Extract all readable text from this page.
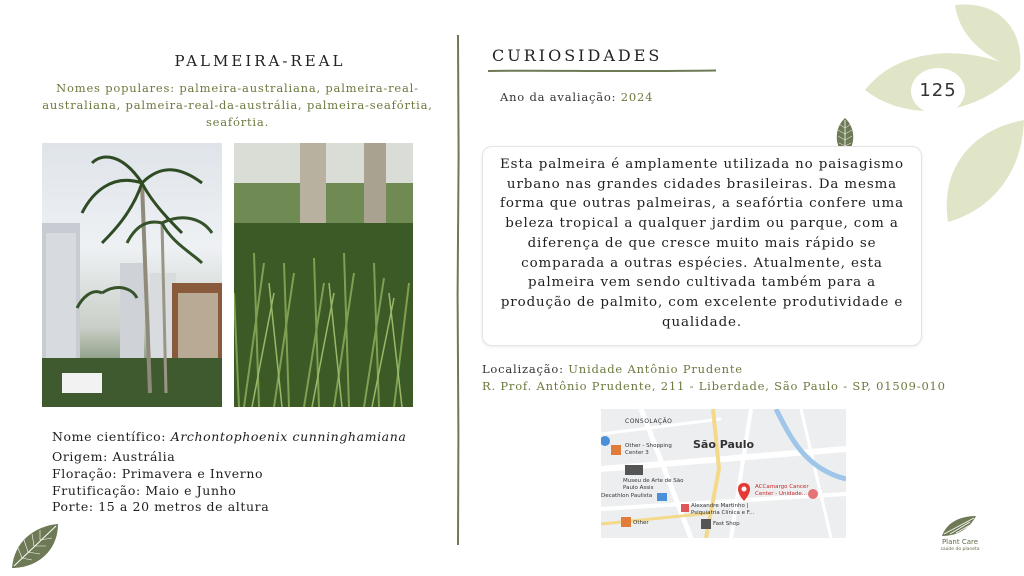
125
PALMEIRA-REAL
Nomes populares: palmeira-australiana, palmeira-real-australiana, palmeira-real-da-austrália, palmeira-seafórtia, seafórtia.
Nome científico: Archontophoenix cunninghamiana
Origem: Austrália
Floração: Primavera e Inverno
Frutificação: Maio e Junho
Porte: 15 a 20 metros de altura
CURIOSIDADES
Ano da avaliação: 2024
Esta palmeira é amplamente utilizada no paisagismo urbano nas grandes cidades brasileiras. Da mesma forma que outras palmeiras, a seafórtia confere uma beleza tropical a qualquer jardim ou parque, com a diferença de que cresce muito mais rápido se comparada a outras espécies. Atualmente, esta palmeira vem sendo cultivada também para a produção de palmito, com excelente produtividade e qualidade.
Localização: Unidade Antônio Prudente
R. Prof. Antônio Prudente, 211 - Liberdade, São Paulo - SP, 01509-010
CONSOLAÇÃO
São Paulo
Other - Shopping Center 3
Museu de Arte de São Paulo Assis
Decathlon Paulista
ACCamargo Cancer Center - Unidade...
Alexandre Martinho | Psiquiatria Clínica e F...
Fast Shop
Other
Plant Care
saúde do planeta
